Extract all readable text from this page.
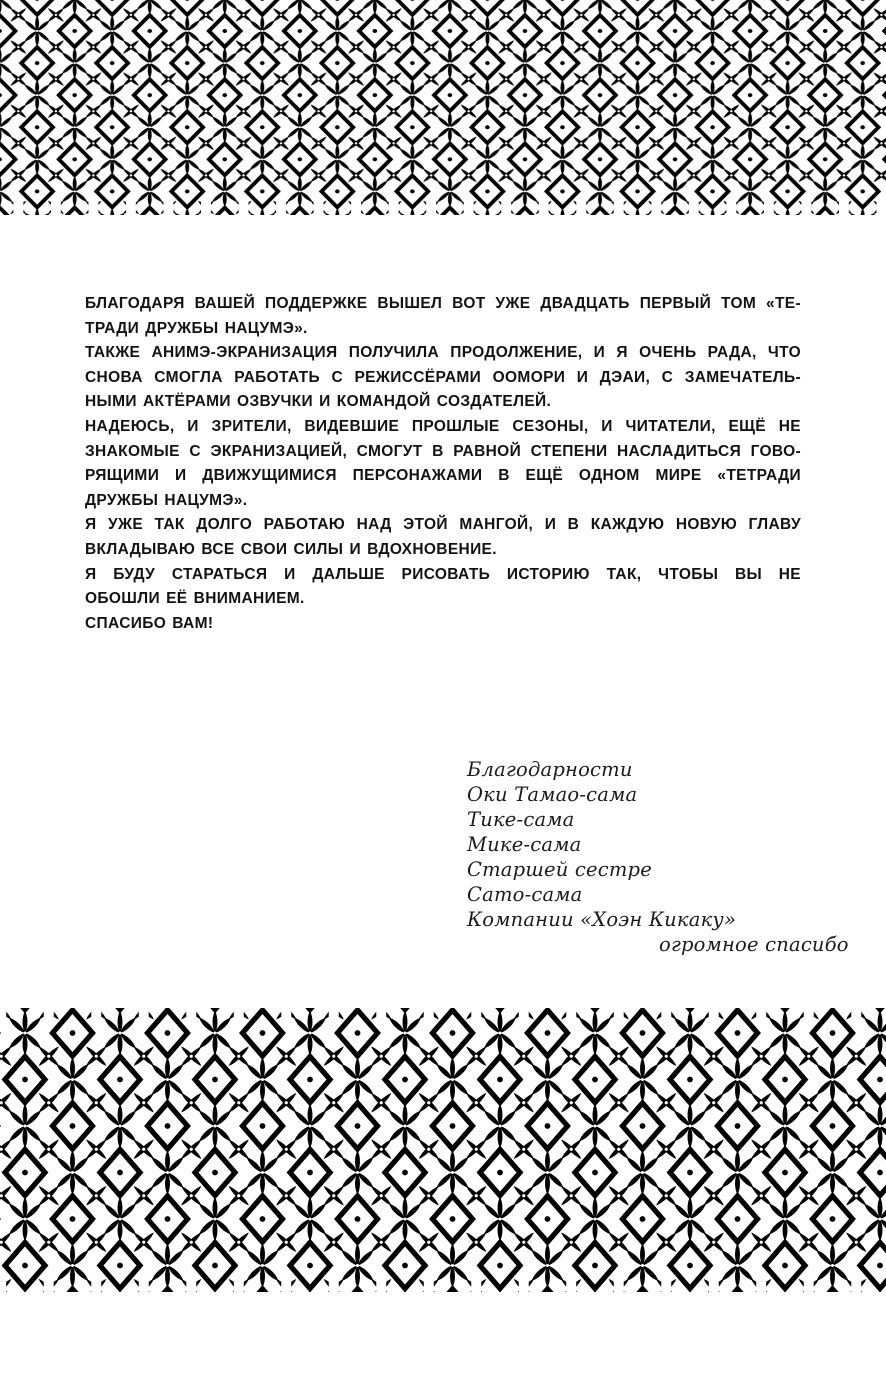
БЛАГОДАРЯ ВАШЕЙ ПОДДЕРЖКЕ ВЫШЕЛ ВОТ УЖЕ ДВАДЦАТЬ ПЕРВЫЙ ТОМ «ТЕ-
ТРАДИ ДРУЖБЫ НАЦУМЭ».
ТАКЖЕ АНИМЭ-ЭКРАНИЗАЦИЯ ПОЛУЧИЛА ПРОДОЛЖЕНИЕ, И Я ОЧЕНЬ РАДА, ЧТО
СНОВА СМОГЛА РАБОТАТЬ С РЕЖИССЁРАМИ ООМОРИ И ДЭАИ, С ЗАМЕЧАТЕЛЬ-
НЫМИ АКТЁРАМИ ОЗВУЧКИ И КОМАНДОЙ СОЗДАТЕЛЕЙ.
НАДЕЮСЬ, И ЗРИТЕЛИ, ВИДЕВШИЕ ПРОШЛЫЕ СЕЗОНЫ, И ЧИТАТЕЛИ, ЕЩЁ НЕ
ЗНАКОМЫЕ С ЭКРАНИЗАЦИЕЙ, СМОГУТ В РАВНОЙ СТЕПЕНИ НАСЛАДИТЬСЯ ГОВО-
РЯЩИМИ И ДВИЖУЩИМИСЯ ПЕРСОНАЖАМИ В ЕЩЁ ОДНОМ МИРЕ «ТЕТРАДИ
ДРУЖБЫ НАЦУМЭ».
Я УЖЕ ТАК ДОЛГО РАБОТАЮ НАД ЭТОЙ МАНГОЙ, И В КАЖДУЮ НОВУЮ ГЛАВУ
ВКЛАДЫВАЮ ВСЕ СВОИ СИЛЫ И ВДОХНОВЕНИЕ.
Я БУДУ СТАРАТЬСЯ И ДАЛЬШЕ РИСОВАТЬ ИСТОРИЮ ТАК, ЧТОБЫ ВЫ НЕ
ОБОШЛИ ЕЁ ВНИМАНИЕМ.
СПАСИБО ВАМ!
Благодарности
Оки Тамао-сама
Тике-сама
Мике-сама
Старшей сестре
Сато-сама
Компании «Хоэн Кикаку»
огромное спасибо
